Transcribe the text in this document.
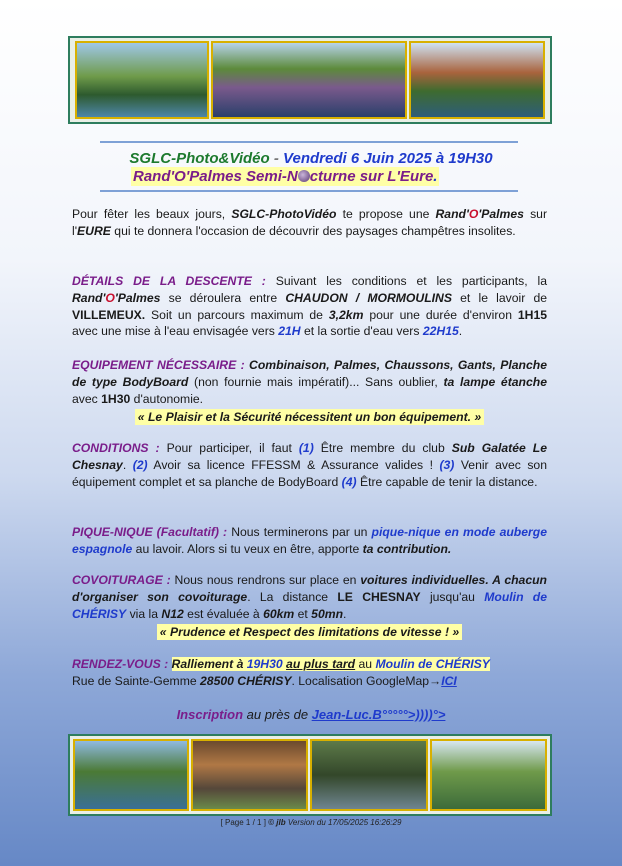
SGLC-Photo&Vidéo - Vendredi 6 Juin 2025 à 19H30
Rand'O'Palmes Semi-N cturne sur L'Eure.
Pour fêter les beaux jours, SGLC-PhotoVidéo te propose une Rand'O'Palmes sur l'EURE qui te donnera l'occasion de découvrir des paysages champêtres insolites.
DÉTAILS DE LA DESCENTE : Suivant les conditions et les participants, la Rand'O'Palmes se déroulera entre CHAUDON / MORMOULINS et le lavoir de VILLEMEUX. Soit un parcours maximum de 3,2km pour une durée d'environ 1H15 avec une mise à l'eau envisagée vers 21H et la sortie d'eau vers 22H15.
EQUIPEMENT NÉCESSAIRE : Combinaison, Palmes, Chaussons, Gants, Planche de type BodyBoard (non fournie mais impératif)... Sans oublier, ta lampe étanche avec 1H30 d'autonomie.
« Le Plaisir et la Sécurité nécessitent un bon équipement. »
CONDITIONS : Pour participer, il faut (1) Être membre du club Sub Galatée Le Chesnay. (2) Avoir sa licence FFESSM & Assurance valides ! (3) Venir avec son équipement complet et sa planche de BodyBoard (4) Être capable de tenir la distance.
PIQUE-NIQUE (Facultatif) : Nous terminerons par un pique-nique en mode auberge espagnole au lavoir. Alors si tu veux en être, apporte ta contribution.
COVOITURAGE : Nous nous rendrons sur place en voitures individuelles. A chacun d'organiser son covoiturage. La distance LE CHESNAY jusqu'au Moulin de CHÉRISY via la N12 est évaluée à 60km et 50mn.
« Prudence et Respect des limitations de vitesse ! »
RENDEZ-VOUS : Ralliement à 19H30 au plus tard au Moulin de CHÉRISY
Rue de Sainte-Gemme 28500 CHÉRISY. Localisation GoogleMap→ICI
Inscription au près de Jean-Luc.B°°°°°>))))°>
[ Page 1 / 1 ] © jlb Version du 17/05/2025 16:26:29
